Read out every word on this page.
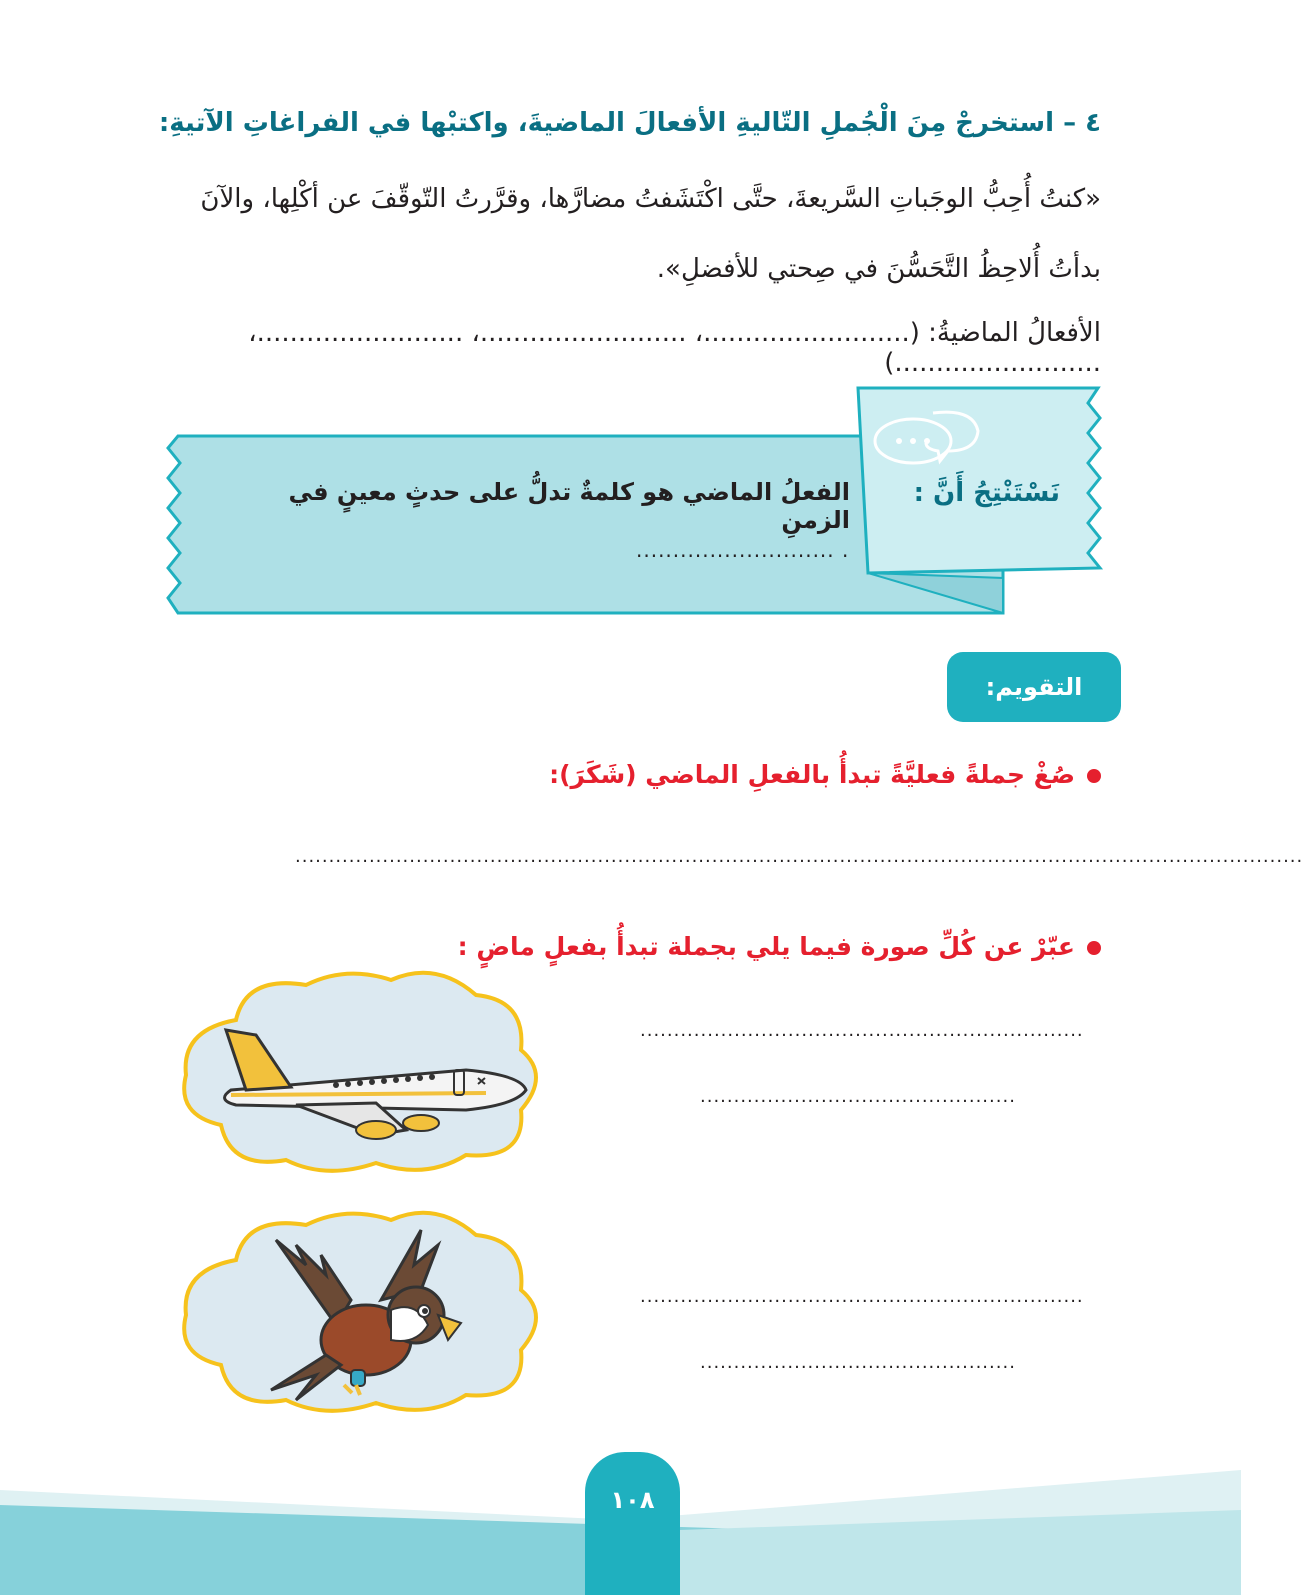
٤ – استخرجْ مِنَ الْجُملِ التّاليةِ الأفعالَ الماضيةَ، واكتبْها في الفراغاتِ الآتيةِ:
«كنتُ أُحِبُّ الوجَباتِ السَّريعةَ، حتَّى اكْتَشَفتُ مضارَّها، وقرَّرتُ التّوقّفَ عن أكْلِها، والآنَ
بدأتُ أُلاحِظُ التَّحَسُّنَ في صِحتي للأفضلِ».
الأفعالُ الماضيةُ: (.........................، .........................، .........................، .........................)
نَسْتَنْتِجُ أَنَّ :
الفعلُ الماضي هو كلمةٌ تدلُّ على حدثٍ معينٍ في الزمنِ
........................... .
التقويم:
صُغْ جملةً فعليَّةً تبدأُ بالفعلِ الماضي (شَكَرَ):
......................................................................................................................................................
عبّرْ عن كُلِّ صورة فيما يلي بجملة تبدأُ بفعلٍ ماضٍ :
..................................................................
...............................................
..................................................................
...............................................
١٠٨
